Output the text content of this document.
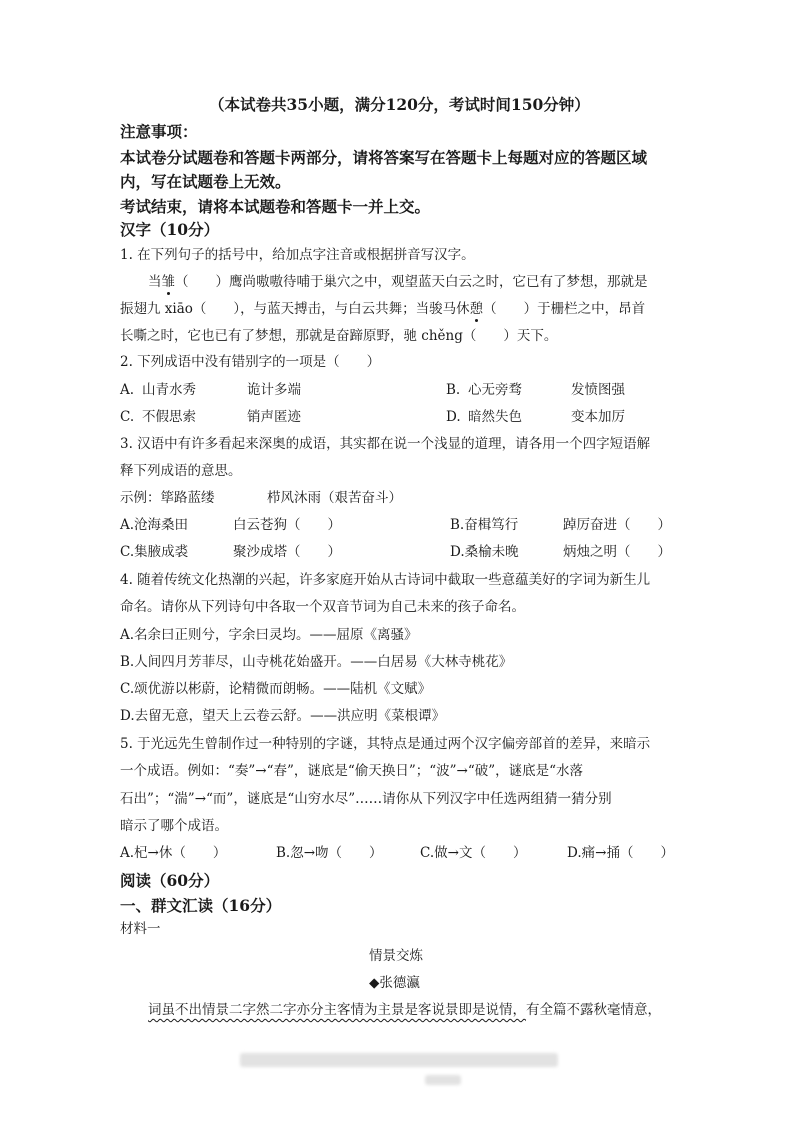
（本试卷共35小题，满分120分，考试时间150分钟）
注意事项：
本试卷分试题卷和答题卡两部分，请将答案写在答题卡上每题对应的答题区域
内，写在试题卷上无效。
考试结束，请将本试题卷和答题卡一并上交。
汉字（10分）
1. 在下列句子的括号中，给加点字注音或根据拼音写汉字。
当雏（　　）鹰尚嗷嗷待哺于巢穴之中，观望蓝天白云之时，它已有了梦想，那就是
振翅九 xiāo（　　），与蓝天搏击，与白云共舞；当骏马休憩（　　）于栅栏之中，昂首
长嘶之时，它也已有了梦想，那就是奋蹄原野，驰 chěng（　　）天下。
2. 下列成语中没有错别字的一项是（　　）
A. 山青水秀	诡计多端	B. 心无旁骛	发愤图强
C. 不假思索	销声匿迹	D. 暗然失色	变本加厉
3. 汉语中有许多看起来深奥的成语，其实都在说一个浅显的道理，请各用一个四字短语解
释下列成语的意思。
示例：筚路蓝缕	栉风沐雨（艰苦奋斗）
A.沧海桑田	白云苍狗（　　）	B.奋楫笃行	踔厉奋进（　　）
C.集腋成裘	聚沙成塔（　　）	D.桑榆未晚	炳烛之明（　　）
4. 随着传统文化热潮的兴起，许多家庭开始从古诗词中截取一些意蕴美好的字词为新生儿
命名。请你从下列诗句中各取一个双音节词为自己未来的孩子命名。
A.名余曰正则兮，字余曰灵均。——屈原《离骚》
B.人间四月芳菲尽，山寺桃花始盛开。——白居易《大林寺桃花》
C.颂优游以彬蔚，论精微而朗畅。——陆机《文赋》
D.去留无意，望天上云卷云舒。——洪应明《菜根谭》
5. 于光远先生曾制作过一种特别的字谜，其特点是通过两个汉字偏旁部首的差异，来暗示
一个成语。例如：“奏”→“春”，谜底是“偷天换日”；“波”→“破”，谜底是“水落
石出”；“湍”→“而”，谜底是“山穷水尽”……请你从下列汉字中任选两组猜一猜分别
暗示了哪个成语。
A.杞→休（　　）	B.忽→吻（　　）	C.做→文（　　）	D.痛→捅（　　）
阅读（60分）
一、群文汇读（16分）
材料一
情景交炼
◆张德瀛
词虽不出情景二字然二字亦分主客情为主景是客说景即是说情，有全篇不露秋毫情意，
